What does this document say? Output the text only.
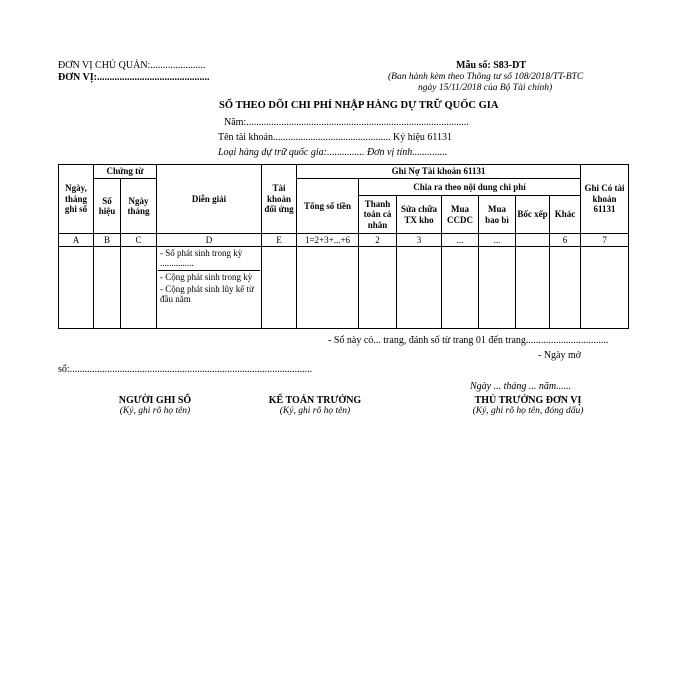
ĐƠN VỊ CHỦ QUẢN:......................
ĐƠN VỊ:.............................................
Mẫu số: S83-DT
(Ban hành kèm theo Thông tư số 108/2018/TT-BTC
ngày 15/11/2018 của Bộ Tài chính)
SỔ THEO DÕI CHI PHÍ NHẬP HÀNG DỰ TRỮ QUỐC GIA
Năm:.........................................................................................
Tên tài khoản............................................... Ký hiệu 61131
Loại hàng dự trữ quốc gia:............... Đơn vị tính..............
Ngày, tháng ghi sổ	Chứng từ		Diễn giải	Tài khoản đối ứng	Ghi Nợ Tài khoản 61131							Ghi Có tài khoản 61131
	Số hiệu	Ngày tháng			Tổng số tiền	Chia ra theo nội dung chi phí						
						Thanh toán cá nhân	Sửa chữa TX kho	Mua CCDC	Mua bao bì	Bốc xếp	Khác	
A	B	C	D	E	1=2+3+...+6	2	3	...	...		6	7

			- Số phát sinh trong kỳ ...............
- Cộng phát sinh trong kỳ
- Cộng phát sinh lũy kế từ đầu năm									

- Sổ này có... trang, đánh số từ trang 01 đến trang.................................
- Ngày mở
sổ:.................................................................................................
Ngày ... tháng ... năm......
NGƯỜI GHI SỔ
(Ký, ghi rõ họ tên)
KẾ TOÁN TRƯỞNG
(Ký, ghi rõ họ tên)
THỦ TRƯỞNG ĐƠN VỊ
(Ký, ghi rõ họ tên, đóng dấu)
